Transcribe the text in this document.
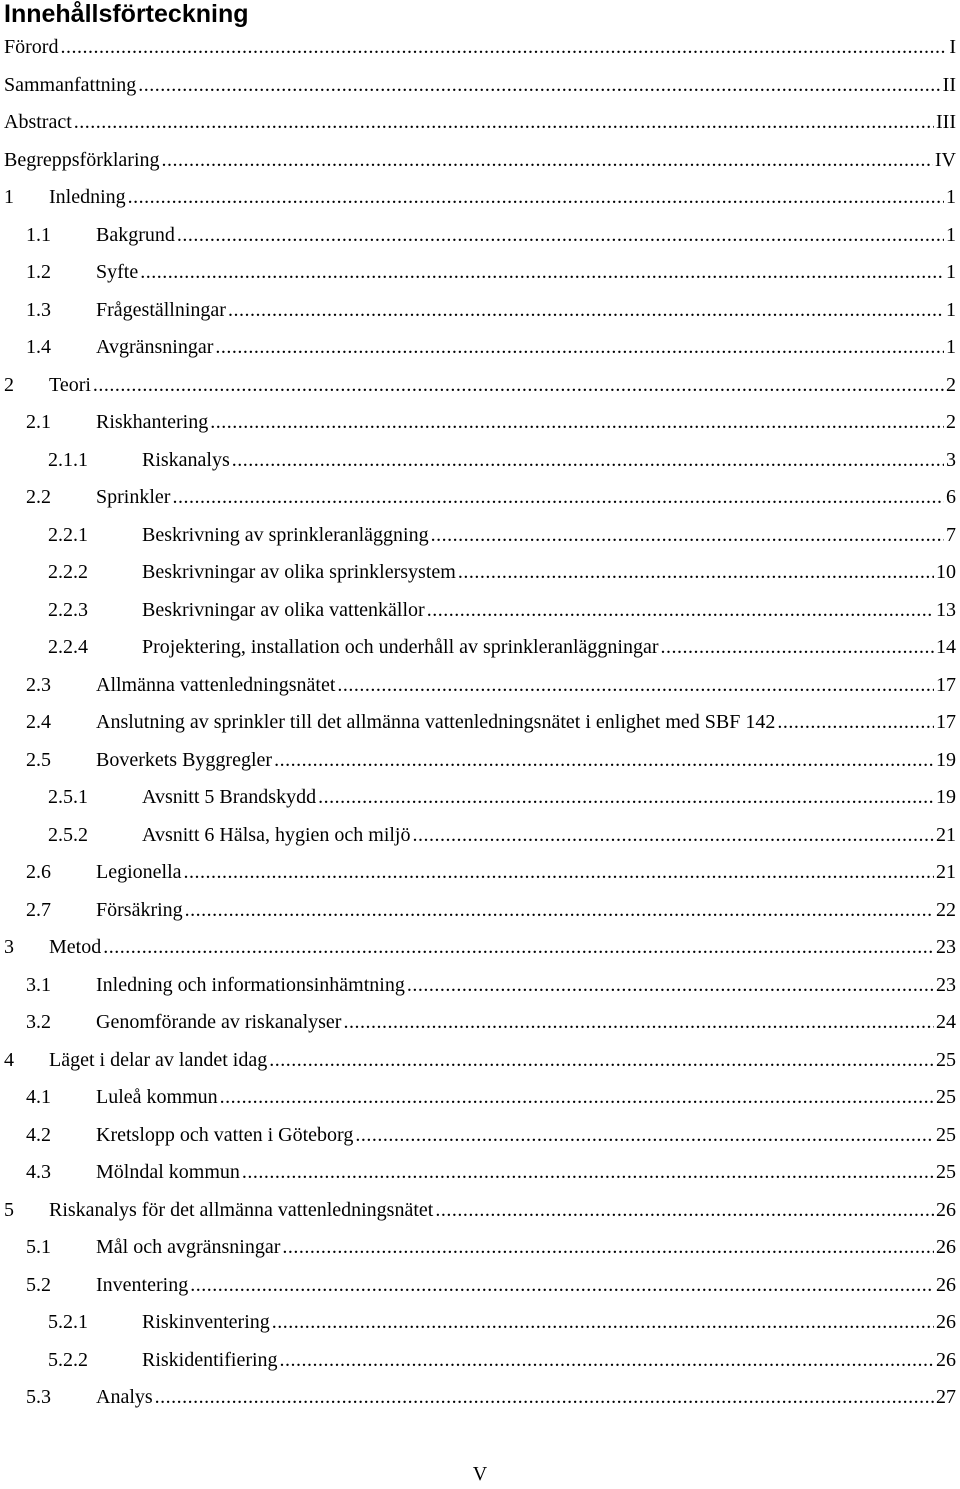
Innehållsförteckning
Förord .....	I
Sammanfattning .....	II
Abstract .....	III
Begreppsförklaring .....	IV
1	Inledning .....	1
1.1	Bakgrund .....	1
1.2	Syfte .....	1
1.3	Frågeställningar .....	1
1.4	Avgränsningar .....	1
2	Teori .....	2
2.1	Riskhantering .....	2
2.1.1	Riskanalys .....	3
2.2	Sprinkler .....	6
2.2.1	Beskrivning av sprinkleranläggning .....	7
2.2.2	Beskrivningar av olika sprinklersystem .....	10
2.2.3	Beskrivningar av olika vattenkällor .....	13
2.2.4	Projektering, installation och underhåll av sprinkleranläggningar .....	14
2.3	Allmänna vattenledningsnätet .....	17
2.4	Anslutning av sprinkler till det allmänna vattenledningsnätet i enlighet med SBF 142 .....	17
2.5	Boverkets Byggregler .....	19
2.5.1	Avsnitt 5 Brandskydd .....	19
2.5.2	Avsnitt 6 Hälsa, hygien och miljö .....	21
2.6	Legionella .....	21
2.7	Försäkring .....	22
3	Metod .....	23
3.1	Inledning och informationsinhämtning .....	23
3.2	Genomförande av riskanalyser .....	24
4	Läget i delar av landet idag .....	25
4.1	Luleå kommun .....	25
4.2	Kretslopp och vatten i Göteborg .....	25
4.3	Mölndal kommun .....	25
5	Riskanalys för det allmänna vattenledningsnätet .....	26
5.1	Mål och avgränsningar .....	26
5.2	Inventering .....	26
5.2.1	Riskinventering .....	26
5.2.2	Riskidentifiering .....	26
5.3	Analys .....	27
V
